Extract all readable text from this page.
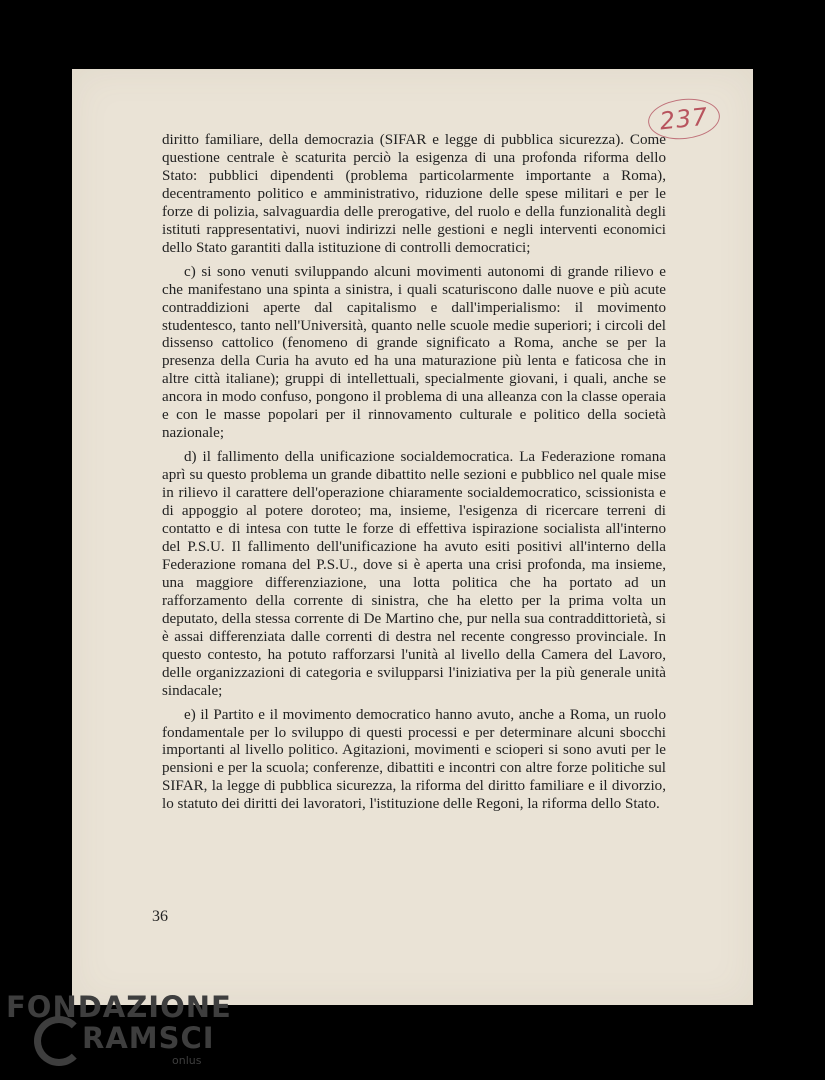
237

diritto familiare, della democrazia (SIFAR e legge di pubblica sicurezza). Come questione centrale è scaturita perciò la esigenza di una profonda riforma dello Stato: pubblici dipendenti (problema particolarmente importante a Roma), decentramento politico e amministrativo, riduzione delle spese militari e per le forze di polizia, salvaguardia delle prerogative, del ruolo e della funzionalità degli istituti rappresentativi, nuovi indirizzi nelle gestioni e negli interventi economici dello Stato garantiti dalla istituzione di controlli democratici;

c) si sono venuti sviluppando alcuni movimenti autonomi di grande rilievo e che manifestano una spinta a sinistra, i quali scaturiscono dalle nuove e più acute contraddizioni aperte dal capitalismo e dall'imperialismo: il movimento studentesco, tanto nell'Università, quanto nelle scuole medie superiori; i circoli del dissenso cattolico (fenomeno di grande significato a Roma, anche se per la presenza della Curia ha avuto ed ha una maturazione più lenta e faticosa che in altre città italiane); gruppi di intellettuali, specialmente giovani, i quali, anche se ancora in modo confuso, pongono il problema di una alleanza con la classe operaia e con le masse popolari per il rinnovamento culturale e politico della società nazionale;

d) il fallimento della unificazione socialdemocratica. La Federazione romana aprì su questo problema un grande dibattito nelle sezioni e pubblico nel quale mise in rilievo il carattere dell'operazione chiaramente socialdemocratico, scissionista e di appoggio al potere doroteo; ma, insieme, l'esigenza di ricercare terreni di contatto e di intesa con tutte le forze di effettiva ispirazione socialista all'interno del P.S.U. Il fallimento dell'unificazione ha avuto esiti positivi all'interno della Federazione romana del P.S.U., dove si è aperta una crisi profonda, ma insieme, una maggiore differenziazione, una lotta politica che ha portato ad un rafforzamento della corrente di sinistra, che ha eletto per la prima volta un deputato, della stessa corrente di De Martino che, pur nella sua contraddittorietà, si è assai differenziata dalle correnti di destra nel recente congresso provinciale. In questo contesto, ha potuto rafforzarsi l'unità al livello della Camera del Lavoro, delle organizzazioni di categoria e svilupparsi l'iniziativa per la più generale unità sindacale;

e) il Partito e il movimento democratico hanno avuto, anche a Roma, un ruolo fondamentale per lo sviluppo di questi processi e per determinare alcuni sbocchi importanti al livello politico. Agitazioni, movimenti e scioperi si sono avuti per le pensioni e per la scuola; conferenze, dibattiti e incontri con altre forze politiche sul SIFAR, la legge di pubblica sicurezza, la riforma del diritto familiare e il divorzio, lo statuto dei diritti dei lavoratori, l'istituzione delle Regoni, la riforma dello Stato.

36
FONDAZIONE
RAMSCI
onlus
